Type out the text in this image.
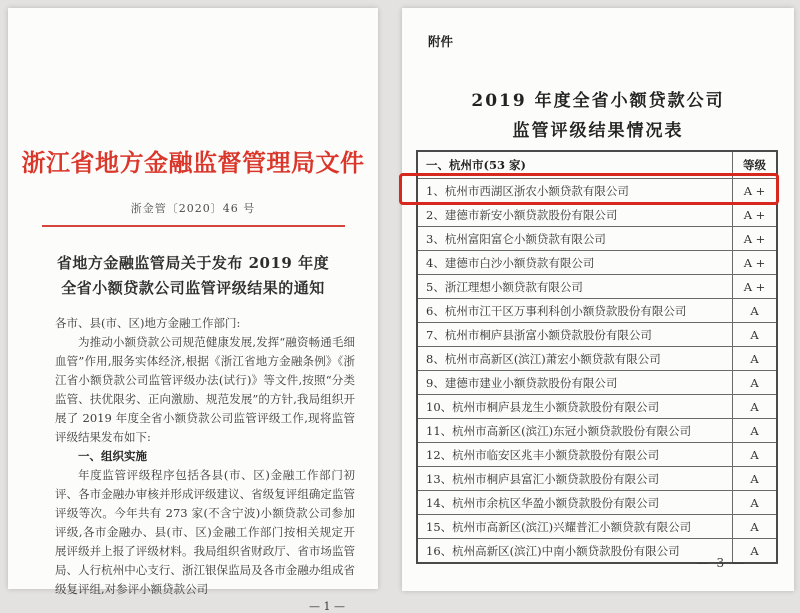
浙江省地方金融监督管理局文件
浙金管〔2020〕46 号
省地方金融监管局关于发布 2019 年度
全省小额贷款公司监管评级结果的通知

各市、县(市、区)地方金融工作部门:

为推动小额贷款公司规范健康发展,发挥“融资畅通毛细血管”作用,服务实体经济,根据《浙江省地方金融条例》《浙江省小额贷款公司监管评级办法(试行)》等文件,按照“分类监管、扶优限劣、正向激励、规范发展”的方针,我局组织开展了 2019 年度全省小额贷款公司监管评级工作,现将监管评级结果发布如下:

一、组织实施

年度监管评级程序包括各县(市、区)金融工作部门初评、各市金融办审核并形成评级建议、省级复评组确定监管评级等次。今年共有 273 家(不含宁波)小额贷款公司参加评级,各市金融办、县(市、区)金融工作部门按相关规定开展评级并上报了评级材料。我局组织省财政厅、省市场监管局、人行杭州中心支行、浙江银保监局及各市金融办组成省级复评组,对参评小额贷款公司

— 1 —
附件
2019 年度全省小额贷款公司
监管评级结果情况表
一、杭州市(53 家)	等级
1、杭州市西湖区浙农小额贷款有限公司	A +
2、建德市新安小额贷款股份有限公司	A +
3、杭州富阳富仑小额贷款有限公司	A +
4、建德市白沙小额贷款有限公司	A +
5、浙江理想小额贷款有限公司	A +
6、杭州市江干区万事利科创小额贷款股份有限公司	A
7、杭州市桐庐县浙富小额贷款股份有限公司	A
8、杭州市高新区(滨江)萧宏小额贷款有限公司	A
9、建德市建业小额贷款股份有限公司	A
10、杭州市桐庐县龙生小额贷款股份有限公司	A
11、杭州市高新区(滨江)东冠小额贷款股份有限公司	A
12、杭州市临安区兆丰小额贷款股份有限公司	A
13、杭州市桐庐县富汇小额贷款股份有限公司	A
14、杭州市余杭区华盈小额贷款股份有限公司	A
15、杭州市高新区(滨江)兴耀普汇小额贷款有限公司	A
16、杭州高新区(滨江)中南小额贷款股份有限公司	A
— 3 —
